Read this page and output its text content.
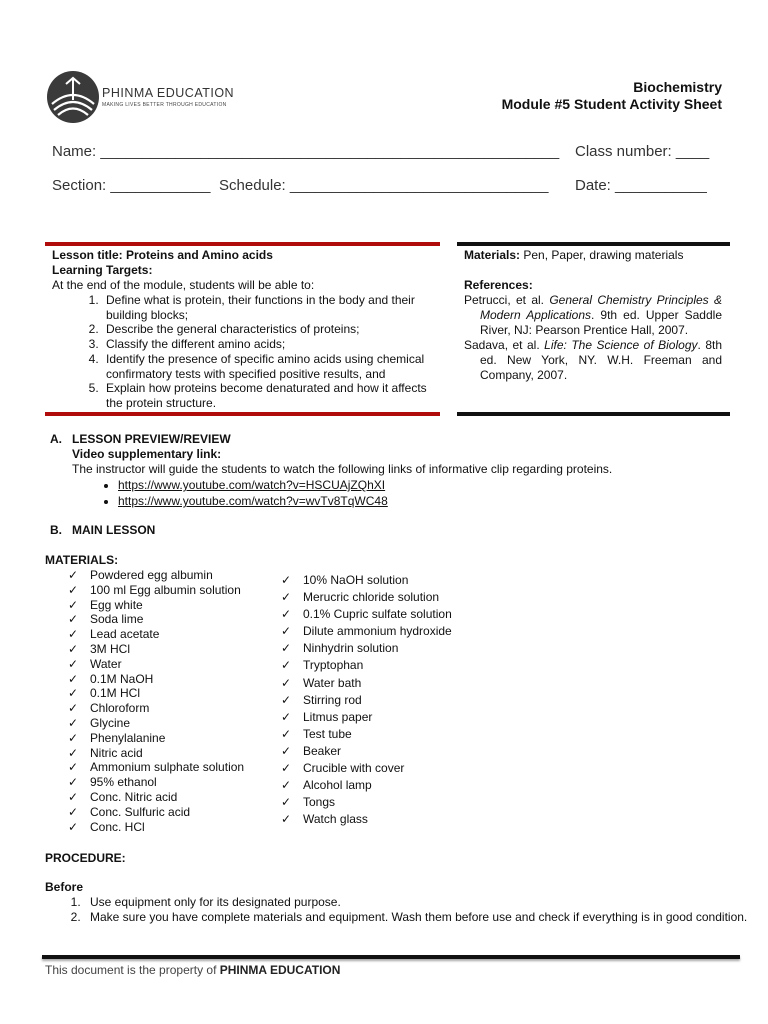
PHINMA EDUCATION
MAKING LIVES BETTER THROUGH EDUCATION
Biochemistry
Module #5 Student Activity Sheet
Name: _______________________________________________________ Class number: ____
Section: ____________ Schedule: _______________________________ Date: ___________
Lesson title: Proteins and Amino acids
Learning Targets:
At the end of the module, students will be able to:
1. Define what is protein, their functions in the body and their building blocks;
2. Describe the general characteristics of proteins;
3. Classify the different amino acids;
4. Identify the presence of specific amino acids using chemical confirmatory tests with specified positive results, and
5. Explain how proteins become denaturated and how it affects the protein structure.
Materials: Pen, Paper, drawing materials
References:
Petrucci, et al. General Chemistry Principles & Modern Applications. 9th ed. Upper Saddle River, NJ: Pearson Prentice Hall, 2007.
Sadava, et al. Life: The Science of Biology. 8th ed. New York, NY. W.H. Freeman and Company, 2007.
A.   LESSON PREVIEW/REVIEW
Video supplementary link:
The instructor will guide the students to watch the following links of informative clip regarding proteins.
• https://www.youtube.com/watch?v=HSCUAjZQhXI
• https://www.youtube.com/watch?v=wvTv8TqWC48
B.   MAIN LESSON
MATERIALS:
✓ Powdered egg albumin
✓ 100 ml Egg albumin solution
✓ Egg white
✓ Soda lime
✓ Lead acetate
✓ 3M HCl
✓ Water
✓ 0.1M NaOH
✓ 0.1M HCl
✓ Chloroform
✓ Glycine
✓ Phenylalanine
✓ Nitric acid
✓ Ammonium sulphate solution
✓ 95% ethanol
✓ Conc. Nitric acid
✓ Conc. Sulfuric acid
✓ Conc. HCl
✓ 10% NaOH solution
✓ Merucric chloride solution
✓ 0.1% Cupric sulfate solution
✓ Dilute ammonium hydroxide
✓ Ninhydrin solution
✓ Tryptophan
✓ Water bath
✓ Stirring rod
✓ Litmus paper
✓ Test tube
✓ Beaker
✓ Crucible with cover
✓ Alcohol lamp
✓ Tongs
✓ Watch glass
PROCEDURE:
Before
1. Use equipment only for its designated purpose.
2. Make sure you have complete materials and equipment. Wash them before use and check if everything is in good condition.
This document is the property of PHINMA EDUCATION
